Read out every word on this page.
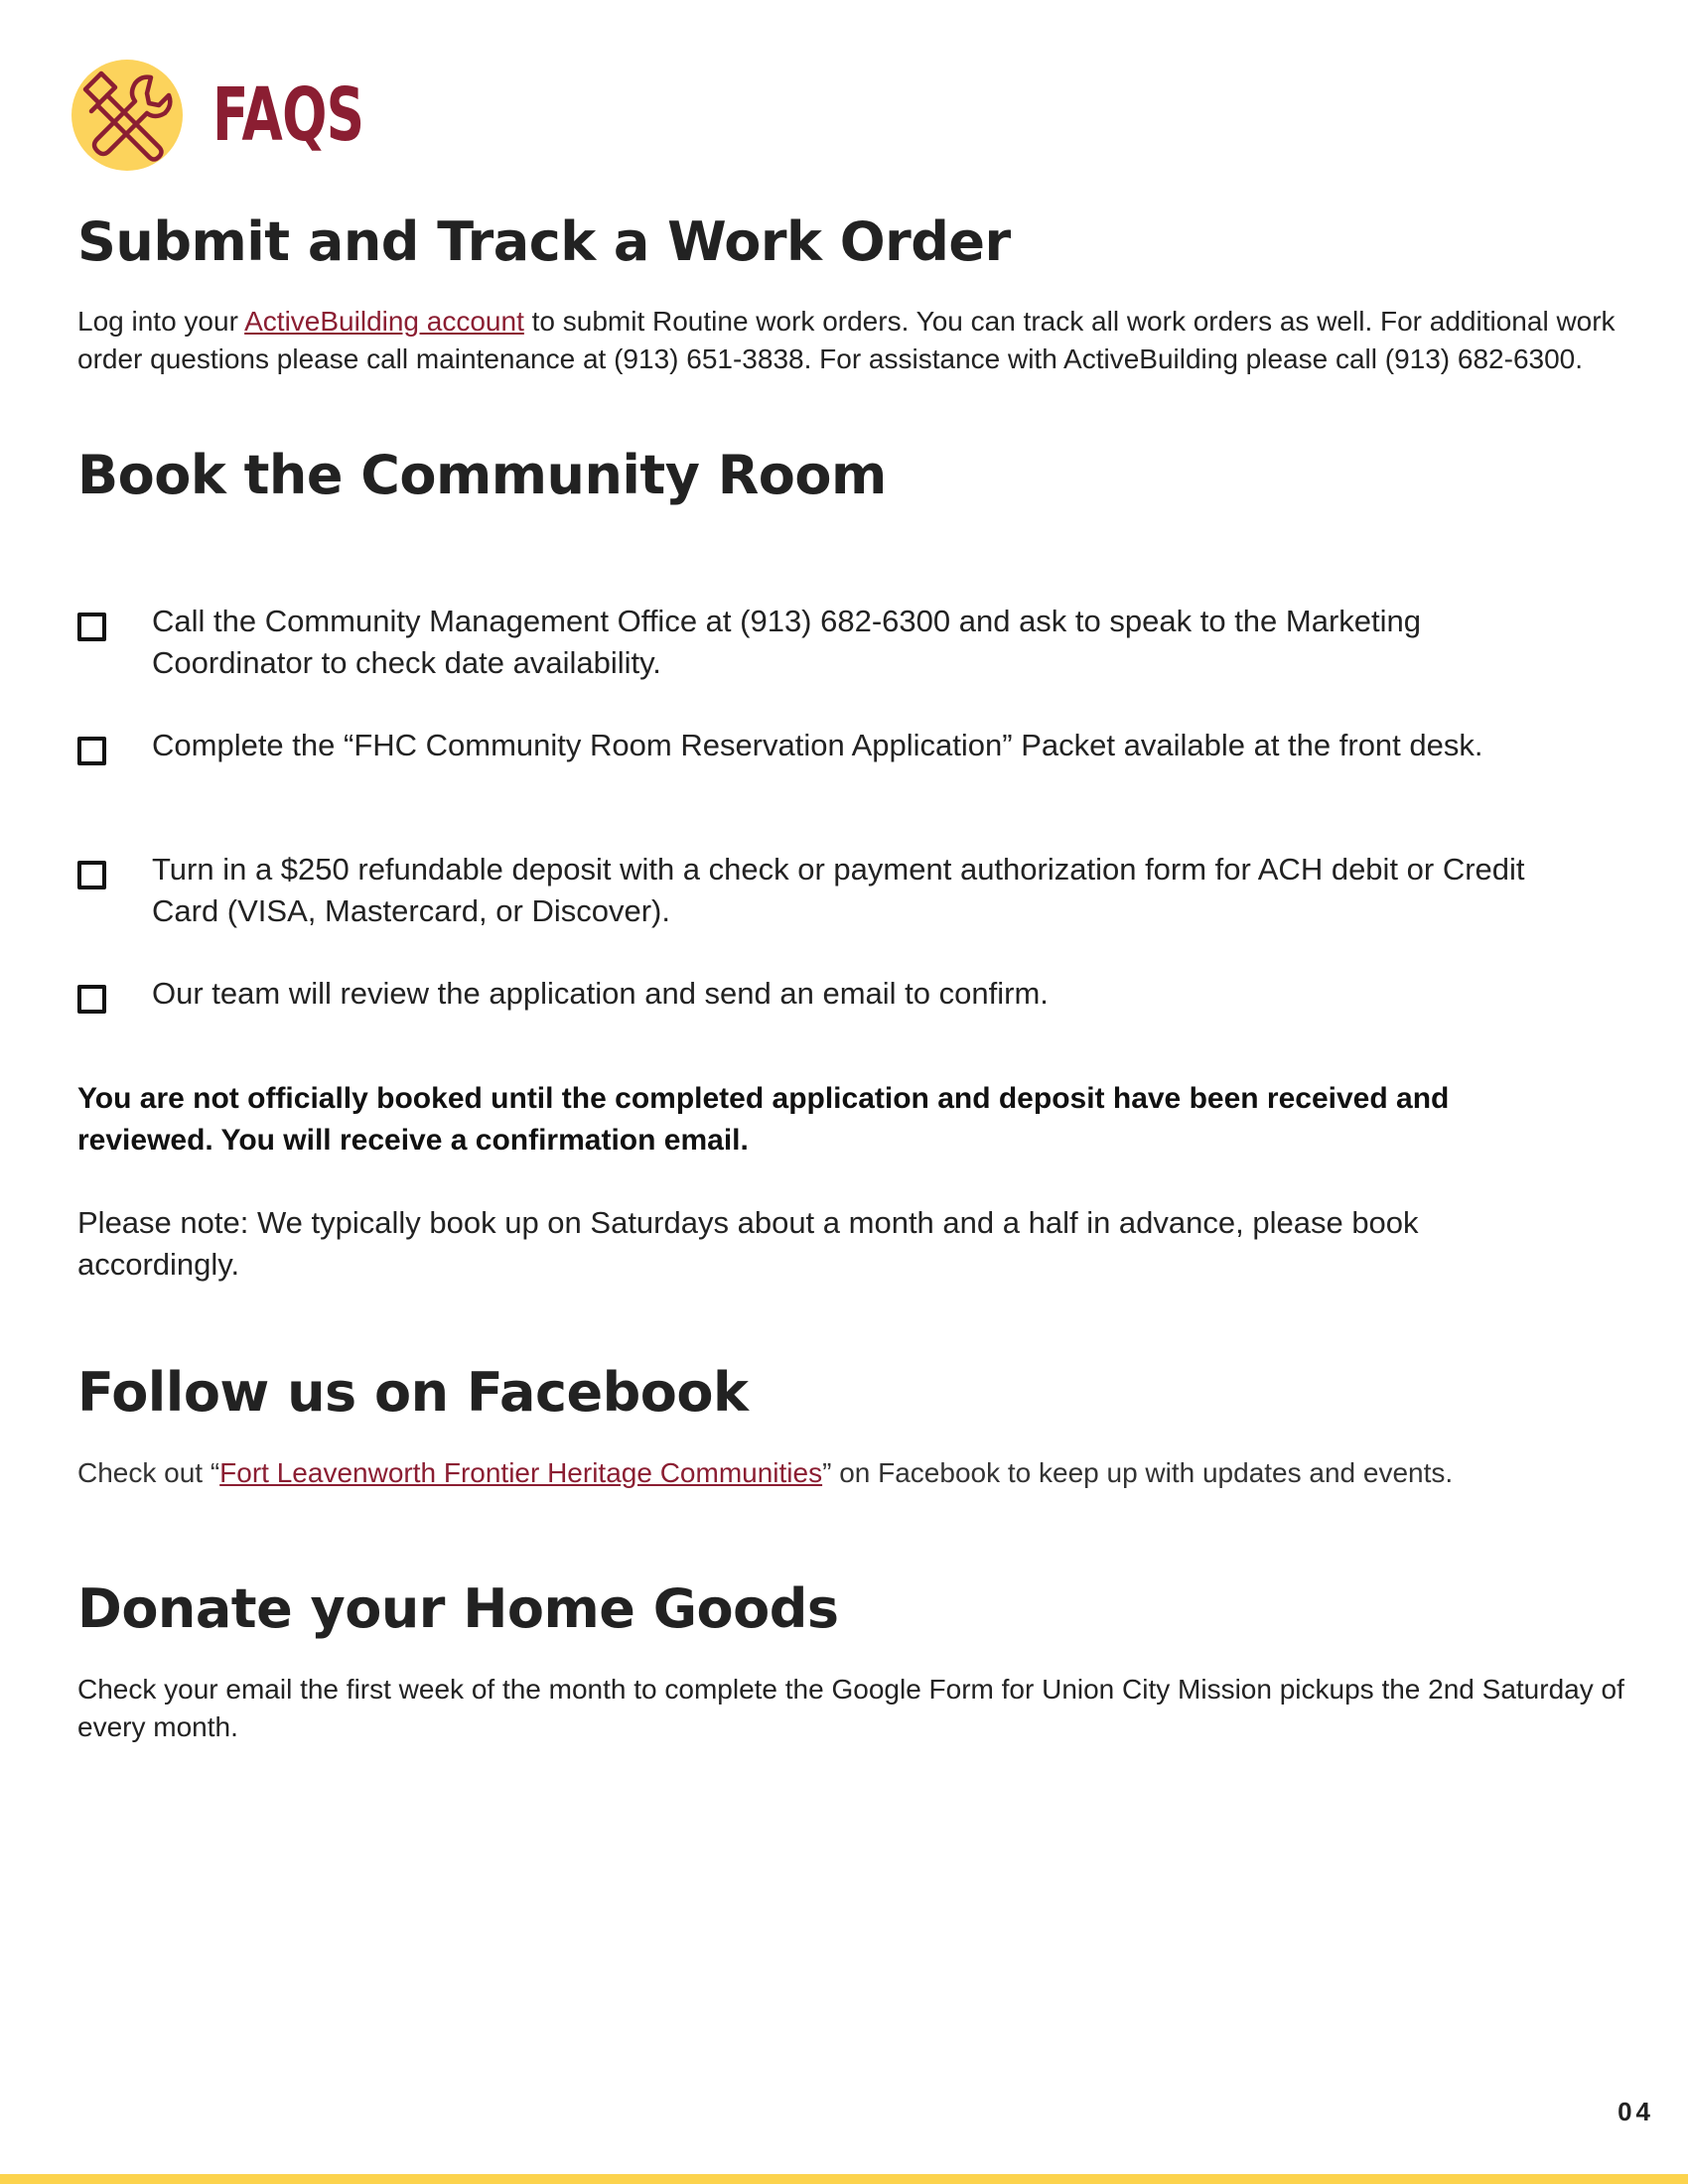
FAQS
Submit and Track a Work Order

Log into your ActiveBuilding account to submit Routine work orders. You can track all work orders as well. For additional work order questions please call maintenance at (913) 651-3838. For assistance with ActiveBuilding please call (913) 682-6300.

Book the Community Room
Call the Community Management Office at (913) 682-6300 and ask to speak to the Marketing Coordinator to check date availability.
Complete the “FHC Community Room Reservation Application” Packet available at the front desk.
Turn in a $250 refundable deposit with a check or payment authorization form for ACH debit or Credit Card (VISA, Mastercard, or Discover).
Our team will review the application and send an email to confirm.

You are not officially booked until the completed application and deposit have been received and reviewed. You will receive a confirmation email.

Please note: We typically book up on Saturdays about a month and a half in advance, please book accordingly.

Follow us on Facebook

Check out “Fort Leavenworth Frontier Heritage Communities” on Facebook to keep up with updates and events.

Donate your Home Goods

Check your email the first week of the month to complete the Google Form for Union City Mission pickups the 2nd Saturday of every month.

04
